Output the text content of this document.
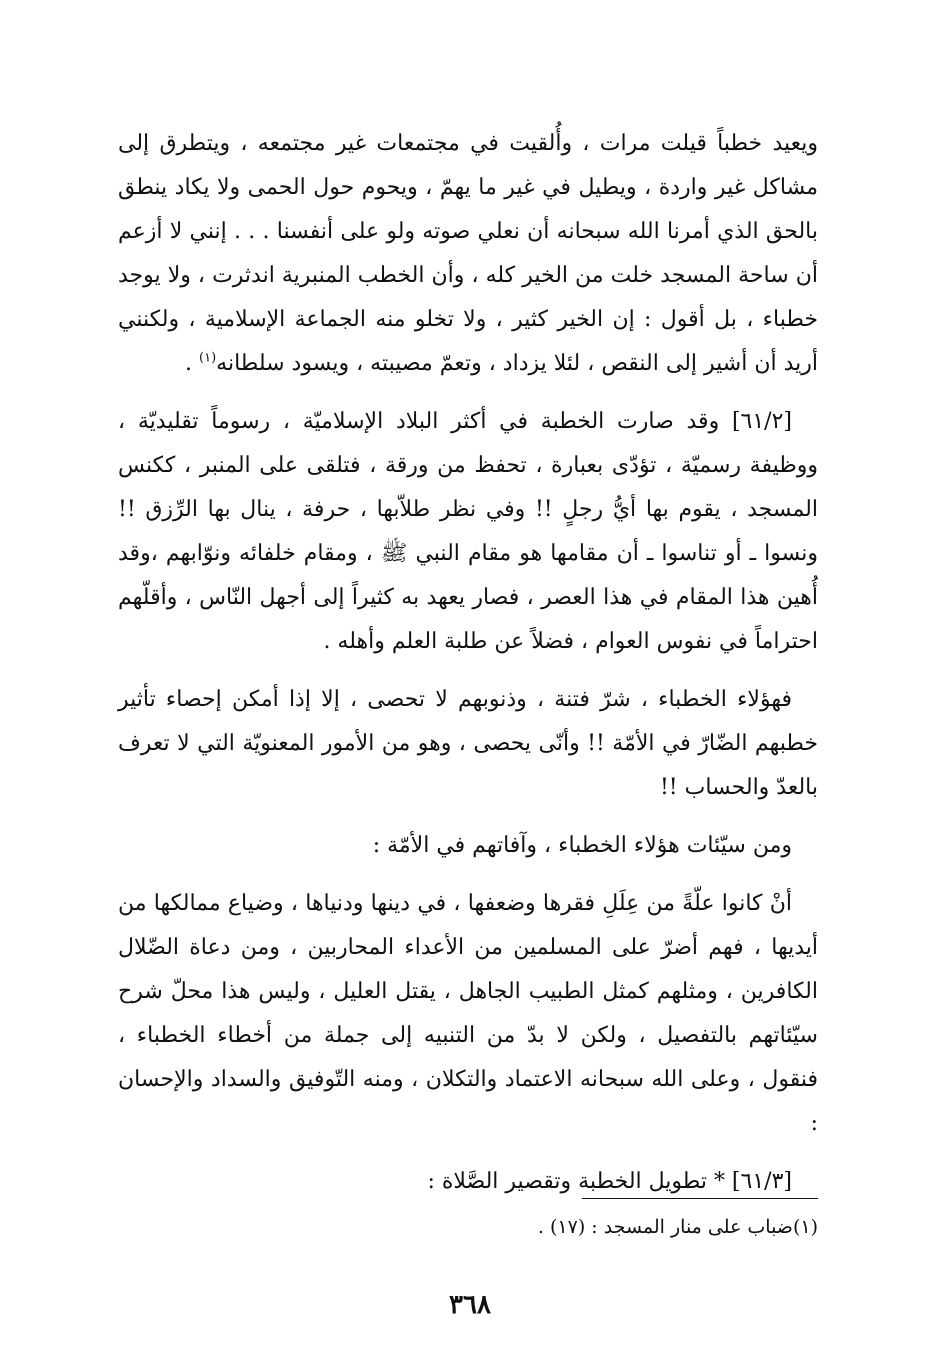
ويعيد خطباً قيلت مرات ، وأُلقيت في مجتمعات غير مجتمعه ، ويتطرق إلى مشاكل غير واردة ، ويطيل في غير ما يهمّ ، ويحوم حول الحمى ولا يكاد ينطق بالحق الذي أمرنا الله سبحانه أن نعلي صوته ولو على أنفسنا . . . إنني لا أزعم أن ساحة المسجد خلت من الخير كله ، وأن الخطب المنبرية اندثرت ، ولا يوجد خطباء ، بل أقول : إن الخير كثير ، ولا تخلو منه الجماعة الإسلامية ، ولكنني أريد أن أشير إلى النقص ، لئلا يزداد ، وتعمّ مصيبته ، ويسود سلطانه$^{(١)}$ .

[٦١/٢] وقد صارت الخطبة في أكثر البلاد الإسلاميّة ، رسوماً تقليديّة ، ووظيفة رسميّة ، تؤدّى بعبارة ، تحفظ من ورقة ، فتلقى على المنبر ، ككنس المسجد ، يقوم بها أيُّ رجلٍ !! وفي نظر طلاّبها ، حرفة ، ينال بها الرِّزق !! ونسوا ـ أو تناسوا ـ أن مقامها هو مقام النبي ﷺ ، ومقام خلفائه ونوّابهم ،وقد أُهين هذا المقام في هذا العصر ، فصار يعهد به كثيراً إلى أجهل النّاس ، وأقلّهم احتراماً في نفوس العوام ، فضلاً عن طلبة العلم وأهله .

فهؤلاء الخطباء ، شرّ فتنة ، وذنوبهم لا تحصى ، إلا إذا أمكن إحصاء تأثير خطبهم الضّارّ في الأمّة !! وأنّى يحصى ، وهو من الأمور المعنويّة التي لا تعرف بالعدّ والحساب !!

ومن سيّئات هؤلاء الخطباء ، وآفاتهم في الأمّة :

أنْ كانوا علّةً من عِلَلِ فقرها وضعفها ، في دينها ودنياها ، وضياع ممالكها من أيديها ، فهم أضرّ على المسلمين من الأعداء المحاربين ، ومن دعاة الضّلال الكافرين ، ومثلهم كمثل الطبيب الجاهل ، يقتل العليل ، وليس هذا محلّ شرح سيّئاتهم بالتفصيل ، ولكن لا بدّ من التنبيه إلى جملة من أخطاء الخطباء ، فنقول ، وعلى الله سبحانه الاعتماد والتكلان ، ومنه التّوفيق والسداد والإحسان :

[٦١/٣] * تطويل الخطبة وتقصير الصَّلاة :

(١)ضباب على منار المسجد : (١٧) .
٣٦٨
